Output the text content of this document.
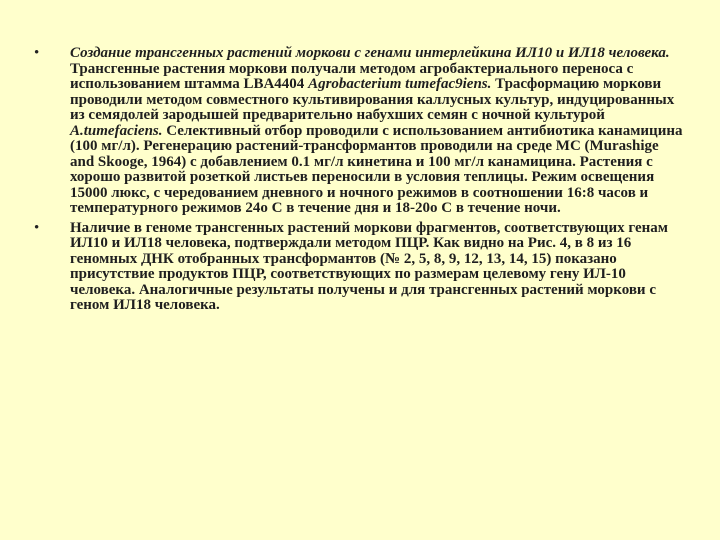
•	Создание трансгенных растений моркови с генами интерлейкина ИЛ10 и ИЛ18 человека. Трансгенные растения моркови получали методом агробактериального переноса с использованием штамма LBA4404 Agrobacterium tumefac9iens. Трасформацию моркови проводили методом совместного культивирования каллусных культур, индуцированных из семядолей зародышей предварительно набухших семян с ночной культурой A.tumefaciens. Селективный отбор проводили с использованием антибиотика канамицина (100 мг/л). Регенерацию растений-трансформантов проводили на среде МС (Murashige and Skooge, 1964) с добавлением 0.1 мг/л кинетина и 100 мг/л канамицина. Растения с хорошо развитой розеткой листьев переносили в условия теплицы. Режим освещения 15000 люкс, с чередованием дневного и ночного режимов в соотношении 16:8 часов и температурного режимов 24о С в течение дня и 18-20о С в течение ночи.
•	Наличие в геноме трансгенных растений моркови фрагментов, соответствующих генам ИЛ10 и ИЛ18 человека, подтверждали методом ПЦР. Как видно на Рис. 4, в 8 из 16 геномных ДНК отобранных трансформантов (№ 2, 5, 8, 9, 12, 13, 14, 15) показано присутствие продуктов ПЦР, соответствующих по размерам целевому гену ИЛ-10 человека. Аналогичные результаты получены и для трансгенных растений моркови с геном ИЛ18 человека.
